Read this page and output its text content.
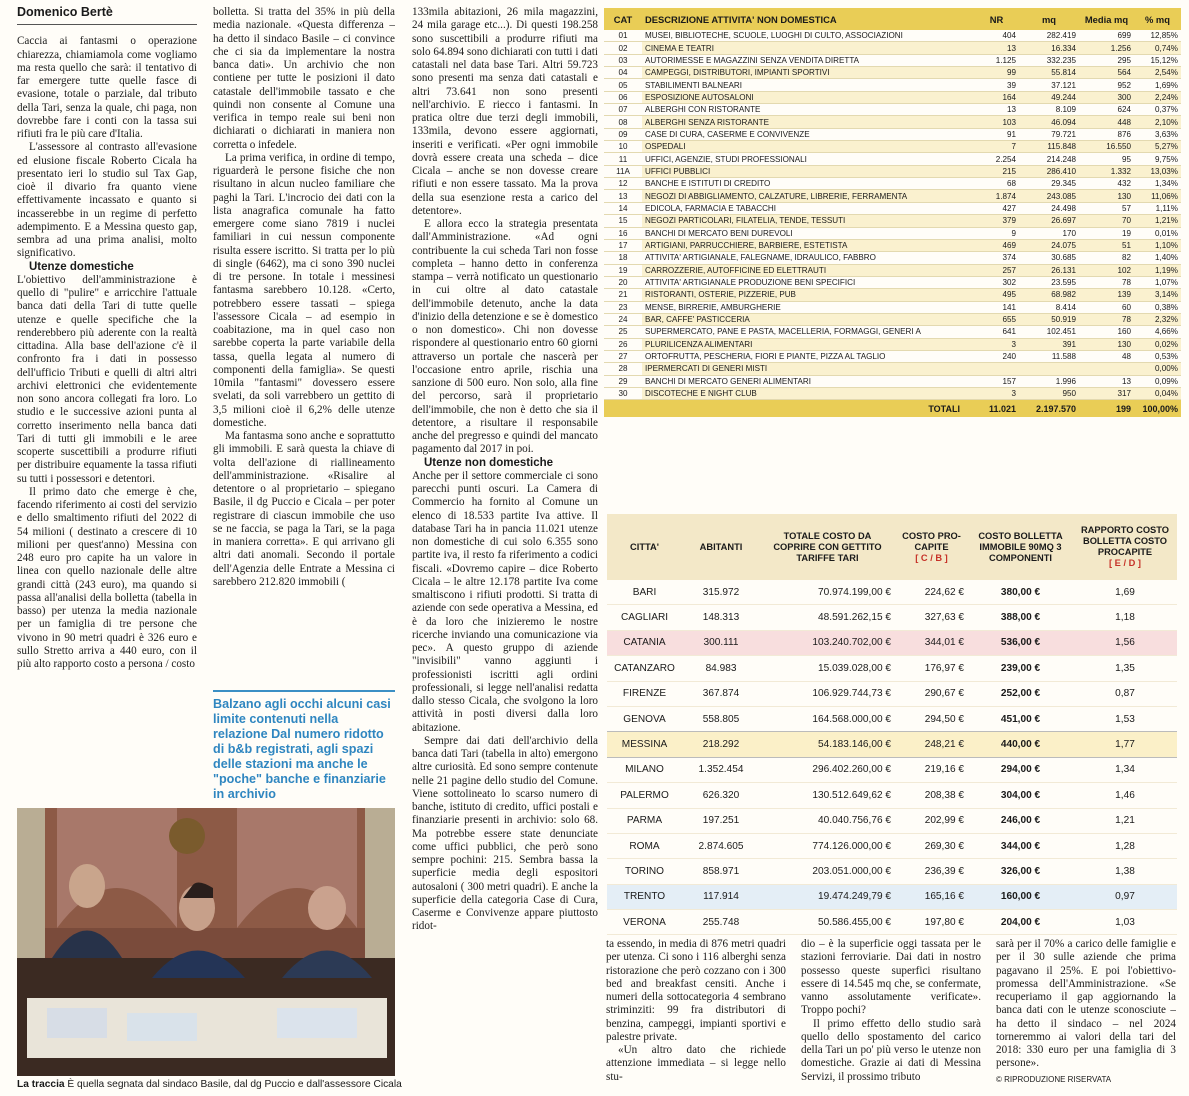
Domenico Bertè

Caccia ai fantasmi o operazione chiarezza, chiamiamola come vogliamo ma resta quello che sarà: il tentativo di far emergere tutte quelle fasce di evasione, totale o parziale, dal tributo della Tari, senza la quale, chi paga, non dovrebbe fare i conti con la tassa sui rifiuti fra le più care d'Italia.

L'assessore al contrasto all'evasione ed elusione fiscale Roberto Cicala ha presentato ieri lo studio sul Tax Gap, cioè il divario fra quanto viene effettivamente incassato e quanto si incasserebbe in un regime di perfetto adempimento. E a Messina questo gap, sembra ad una prima analisi, molto significativo.

Utenze domestiche

L'obiettivo dell'amministrazione è quello di "pulire" e arricchire l'attuale banca dati della Tari di tutte quelle utenze e quelle specifiche che la renderebbero più aderente con la realtà cittadina. Alla base dell'azione c'è il confronto fra i dati in possesso dell'ufficio Tributi e quelli di altri altri archivi elettronici che evidentemente non sono ancora collegati fra loro. Lo studio e le successive azioni punta al corretto inserimento nella banca dati Tari di tutti gli immobili e le aree scoperte suscettibili a produrre rifiuti per distribuire equamente la tassa rifiuti su tutti i possessori e detentori.

Il primo dato che emerge è che, facendo riferimento ai costi del servizio e dello smaltimento rifiuti del 2022 di 54 milioni ( destinato a crescere di 10 milioni per quest'anno) Messina con 248 euro pro capite ha un valore in linea con quello nazionale delle altre grandi città (243 euro), ma quando si passa all'analisi della bolletta (tabella in basso) per utenza la media nazionale per un famiglia di tre persone che vivono in 90 metri quadri è 326 euro e sullo Stretto arriva a 440 euro, con il più alto rapporto costo a persona / costo

bolletta. Si tratta del 35% in più della media nazionale. «Questa differenza – ha detto il sindaco Basile – ci convince che ci sia da implementare la nostra banca dati». Un archivio che non contiene per tutte le posizioni il dato catastale dell'immobile tassato e che quindi non consente al Comune una verifica in tempo reale sui beni non dichiarati o dichiarati in maniera non corretta o infedele.

La prima verifica, in ordine di tempo, riguarderà le persone fisiche che non risultano in alcun nucleo familiare che paghi la Tari. L'incrocio dei dati con la lista anagrafica comunale ha fatto emergere come siano 7819 i nuclei familiari in cui nessun componente risulta essere iscritto. Si tratta per lo più di single (6462), ma ci sono 390 nuclei di tre persone. In totale i messinesi fantasma sarebbero 10.128. «Certo, potrebbero essere tassati – spiega l'assessore Cicala – ad esempio in coabitazione, ma in quel caso non sarebbe coperta la parte variabile della tassa, quella legata al numero di componenti della famiglia». Se questi 10mila "fantasmi" dovessero essere svelati, da soli varrebbero un gettito di 3,5 milioni cioè il 6,2% delle utenze domestiche.

Ma fantasma sono anche e soprattutto gli immobili. E sarà questa la chiave di volta dell'azione di riallineamento dell'amministrazione. «Risalire al detentore o al proprietario – spiegano Basile, il dg Puccio e Cicala – per poter registrare di ciascun immobile che uso se ne faccia, se paga la Tari, se la paga in maniera corretta». E qui arrivano gli altri dati anomali. Secondo il portale dell'Agenzia delle Entrate a Messina ci sarebbero 212.820 immobili (

Balzano agli occhi alcuni casi limite contenuti nella relazione Dal numero ridotto di b&b registrati, agli spazi delle stazioni ma anche le "poche" banche e finanziarie in archivio
La traccia È quella segnata dal sindaco Basile, dal dg Puccio e dall'assessore Cicala

133mila abitazioni, 26 mila magazzini, 24 mila garage etc...). Di questi 198.258 sono suscettibili a produrre rifiuti ma solo 64.894 sono dichiarati con tutti i dati catastali nel data base Tari. Altri 59.723 sono presenti ma senza dati catastali e altri 73.641 non sono presenti nell'archivio. E riecco i fantasmi. In pratica oltre due terzi degli immobili, 133mila, devono essere aggiornati, inseriti e verificati. «Per ogni immobile dovrà essere creata una scheda – dice Cicala – anche se non dovesse creare rifiuti e non essere tassato. Ma la prova della sua esenzione resta a carico del detentore».

E allora ecco la strategia presentata dall'Amministrazione. «Ad ogni contribuente la cui scheda Tari non fosse completa – hanno detto in conferenza stampa – verrà notificato un questionario in cui oltre al dato catastale dell'immobile detenuto, anche la data d'inizio della detenzione e se è domestico o non domestico». Chi non dovesse rispondere al questionario entro 60 giorni attraverso un portale che nascerà per l'occasione entro aprile, rischia una sanzione di 500 euro. Non solo, alla fine del percorso, sarà il proprietario dell'immobile, che non è detto che sia il detentore, a risultare il responsabile anche del pregresso e quindi del mancato pagamento dal 2017 in poi.

Utenze non domestiche

Anche per il settore commerciale ci sono parecchi punti oscuri. La Camera di Commercio ha fornito al Comune un elenco di 18.533 partite Iva attive. Il database Tari ha in pancia 11.021 utenze non domestiche di cui solo 6.355 sono partite iva, il resto fa riferimento a codici fiscali. «Dovremo capire – dice Roberto Cicala – le altre 12.178 partite Iva come smaltiscono i rifiuti prodotti. Si tratta di aziende con sede operativa a Messina, ed è da loro che inizieremo le nostre ricerche inviando una comunicazione via pec». A questo gruppo di aziende "invisibili" vanno aggiunti i professionisti iscritti agli ordini professionali, si legge nell'analisi redatta dallo stesso Cicala, che svolgono la loro attività in posti diversi dalla loro abitazione.

Sempre dai dati dell'archivio della banca dati Tari (tabella in alto) emergono altre curiosità. Ed sono sempre contenute nelle 21 pagine dello studio del Comune. Viene sottolineato lo scarso numero di banche, istituto di credito, uffici postali e finanziarie presenti in archivio: solo 68. Ma potrebbe essere state denunciate come uffici pubblici, che però sono sempre pochini: 215. Sembra bassa la superficie media degli espositori autosaloni ( 300 metri quadri). E anche la superficie della categoria Case di Cura, Caserme e Convivenze appare piuttosto ridot-

ta essendo, in media di 876 metri quadri per utenza. Ci sono i 116 alberghi senza ristorazione che però cozzano con i 300 bed and breakfast censiti. Anche i numeri della sottocategoria 4 sembrano striminziti: 99 fra distributori di benzina, campeggi, impianti sportivi e palestre private.

«Un altro dato che richiede attenzione immediata – si legge nello stu-

dio – è la superficie oggi tassata per le stazioni ferroviarie. Dai dati in nostro possesso queste superfici risultano essere di 14.545 mq che, se confermate, vanno assolutamente verificate». Troppo pochi?

Il primo effetto dello studio sarà quello dello spostamento del carico della Tari un po' più verso le utenze non domestiche. Grazie ai dati di Messina Servizi, il prossimo tributo

sarà per il 70% a carico delle famiglie e per il 30 sulle aziende che prima pagavano il 25%. E poi l'obiettivo-promessa dell'Amministrazione. «Se recuperiamo il gap aggiornando la banca dati con le utenze sconosciute – ha detto il sindaco – nel 2024 torneremmo ai valori della tari del 2018: 330 euro per una famiglia di 3 persone».

© RIPRODUZIONE RISERVATA

CAT	DESCRIZIONE ATTIVITA' NON DOMESTICA	NR	mq	Media mq	% mq
01	MUSEI, BIBLIOTECHE, SCUOLE, LUOGHI DI CULTO, ASSOCIAZIONI	404	282.419	699	12,85%
02	CINEMA E TEATRI	13	16.334	1.256	0,74%
03	AUTORIMESSE E MAGAZZINI SENZA VENDITA DIRETTA	1.125	332.235	295	15,12%
04	CAMPEGGI, DISTRIBUTORI, IMPIANTI SPORTIVI	99	55.814	564	2,54%
05	STABILIMENTI BALNEARI	39	37.121	952	1,69%
06	ESPOSIZIONE AUTOSALONI	164	49.244	300	2,24%
07	ALBERGHI CON RISTORANTE	13	8.109	624	0,37%
08	ALBERGHI SENZA RISTORANTE	103	46.094	448	2,10%
09	CASE DI CURA, CASERME E CONVIVENZE	91	79.721	876	3,63%
10	OSPEDALI	7	115.848	16.550	5,27%
11	UFFICI, AGENZIE, STUDI PROFESSIONALI	2.254	214.248	95	9,75%
11A	UFFICI PUBBLICI	215	286.410	1.332	13,03%
12	BANCHE E ISTITUTI DI CREDITO	68	29.345	432	1,34%
13	NEGOZI DI ABBIGLIAMENTO, CALZATURE, LIBRERIE, FERRAMENTA	1.874	243.085	130	11,06%
14	EDICOLA, FARMACIA E TABACCHI	427	24.498	57	1,11%
15	NEGOZI PARTICOLARI, FILATELIA, TENDE, TESSUTI	379	26.697	70	1,21%
16	BANCHI DI MERCATO BENI DUREVOLI	9	170	19	0,01%
17	ARTIGIANI, PARRUCCHIERE, BARBIERE, ESTETISTA	469	24.075	51	1,10%
18	ATTIVITA' ARTIGIANALE, FALEGNAME, IDRAULICO, FABBRO	374	30.685	82	1,40%
19	CARROZZERIE, AUTOFFICINE ED ELETTRAUTI	257	26.131	102	1,19%
20	ATTIVITA' ARTIGIANALE PRODUZIONE BENI SPECIFICI	302	23.595	78	1,07%
21	RISTORANTI, OSTERIE, PIZZERIE, PUB	495	68.982	139	3,14%
23	MENSE, BIRRERIE, AMBURGHERIE	141	8.414	60	0,38%
24	BAR, CAFFE' PASTICCERIA	655	50.919	78	2,32%
25	SUPERMERCATO, PANE E PASTA, MACELLERIA, FORMAGGI, GENERI A	641	102.451	160	4,66%
26	PLURILICENZA ALIMENTARI	3	391	130	0,02%
27	ORTOFRUTTA, PESCHERIA, FIORI E PIANTE, PIZZA AL TAGLIO	240	11.588	48	0,53%
28	IPERMERCATI DI GENERI MISTI				0,00%
29	BANCHI DI MERCATO GENERI ALIMENTARI	157	1.996	13	0,09%
30	DISCOTECHE E NIGHT CLUB	3	950	317	0,04%
TOTALI		11.021	2.197.570	199	100,00%
CITTA'	ABITANTI	TOTALE COSTO DA COPRIRE CON GETTITO TARIFFE TARI	COSTO PRO-CAPITE
[ C / B ]	COSTO BOLLETTA IMMOBILE 90MQ 3 COMPONENTI	RAPPORTO COSTO BOLLETTA COSTO PROCAPITE
[ E / D ]
BARI	315.972	70.974.199,00 €	224,62 €	380,00 €	1,69
CAGLIARI	148.313	48.591.262,15 €	327,63 €	388,00 €	1,18
CATANIA	300.111	103.240.702,00 €	344,01 €	536,00 €	1,56
CATANZARO	84.983	15.039.028,00 €	176,97 €	239,00 €	1,35
FIRENZE	367.874	106.929.744,73 €	290,67 €	252,00 €	0,87
GENOVA	558.805	164.568.000,00 €	294,50 €	451,00 €	1,53
MESSINA	218.292	54.183.146,00 €	248,21 €	440,00 €	1,77
MILANO	1.352.454	296.402.260,00 €	219,16 €	294,00 €	1,34
PALERMO	626.320	130.512.649,62 €	208,38 €	304,00 €	1,46
PARMA	197.251	40.040.756,76 €	202,99 €	246,00 €	1,21
ROMA	2.874.605	774.126.000,00 €	269,30 €	344,00 €	1,28
TORINO	858.971	203.051.000,00 €	236,39 €	326,00 €	1,38
TRENTO	117.914	19.474.249,79 €	165,16 €	160,00 €	0,97
VERONA	255.748	50.586.455,00 €	197,80 €	204,00 €	1,03
